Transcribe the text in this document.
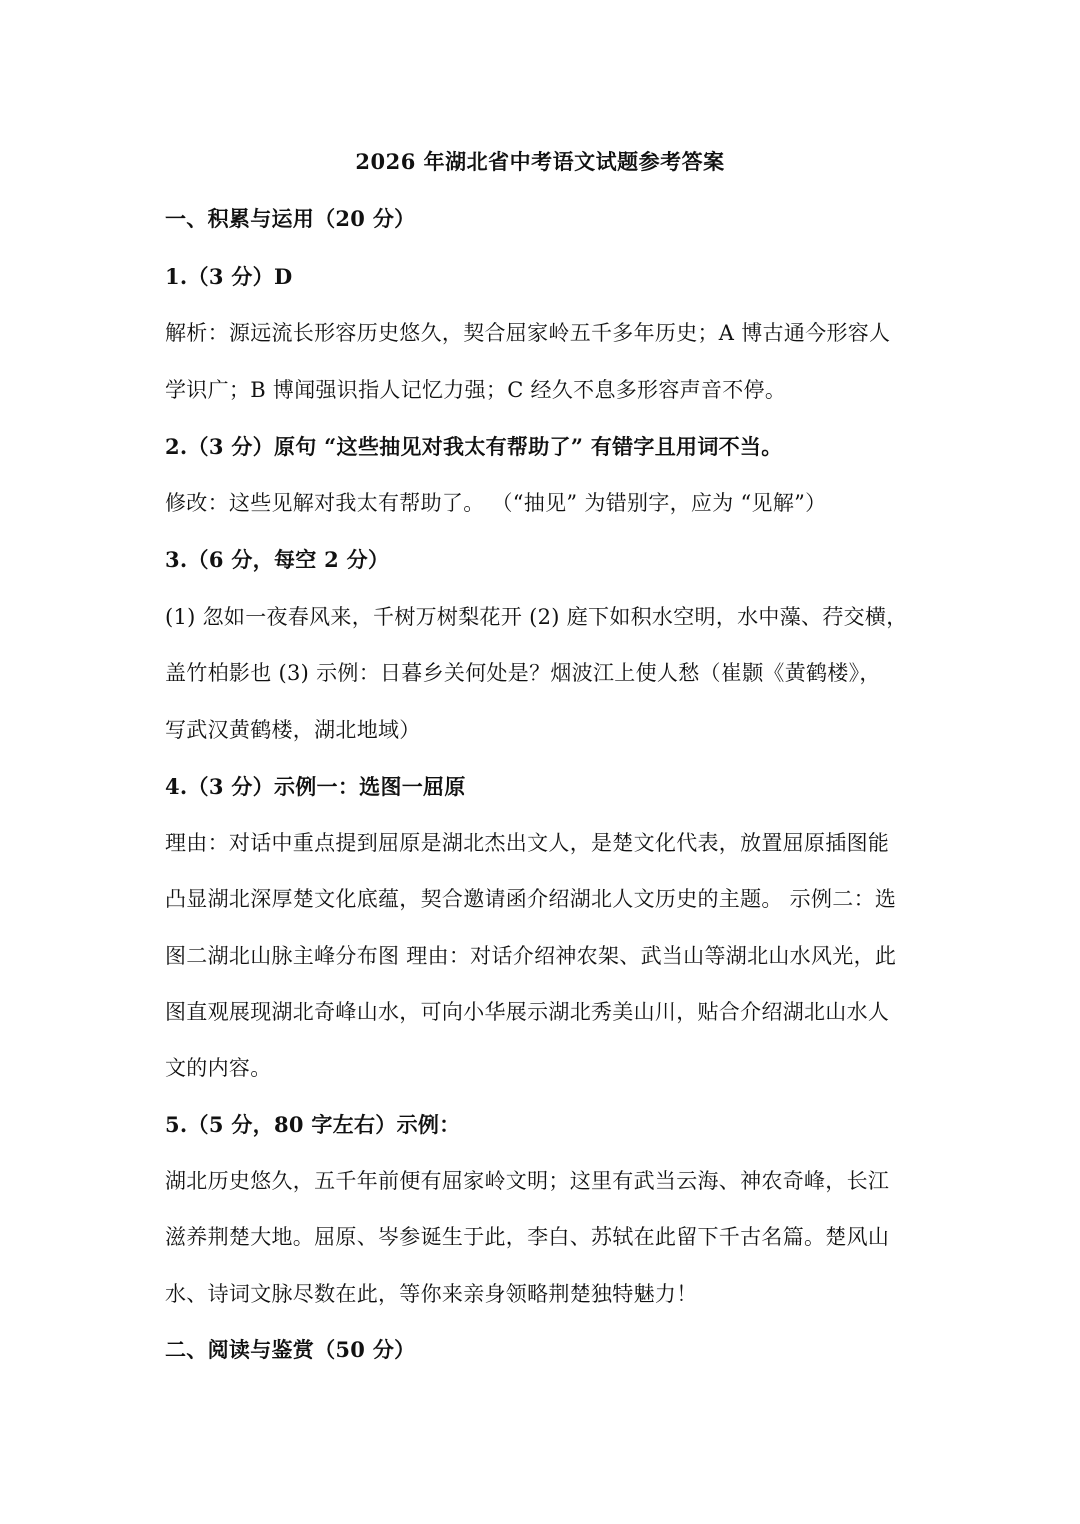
2026 年湖北省中考语文试题参考答案
一、积累与运用（20 分）
1.（3 分）D
解析：源远流长形容历史悠久，契合屈家岭五千多年历史；A 博古通今形容人
学识广；B 博闻强识指人记忆力强；C 经久不息多形容声音不停。
2.（3 分）原句 “这些抽见对我太有帮助了” 有错字且用词不当。
修改：这些见解对我太有帮助了。 （“抽见” 为错别字，应为 “见解”）
3.（6 分，每空 2 分）
(1) 忽如一夜春风来，千树万树梨花开 (2) 庭下如积水空明，水中藻、荇交横，
盖竹柏影也 (3) 示例：日暮乡关何处是？烟波江上使人愁（崔颢《黄鹤楼》，
写武汉黄鹤楼，湖北地域）
4.（3 分）示例一：选图一屈原
理由：对话中重点提到屈原是湖北杰出文人，是楚文化代表，放置屈原插图能
凸显湖北深厚楚文化底蕴，契合邀请函介绍湖北人文历史的主题。 示例二：选
图二湖北山脉主峰分布图 理由：对话介绍神农架、武当山等湖北山水风光，此
图直观展现湖北奇峰山水，可向小华展示湖北秀美山川，贴合介绍湖北山水人
文的内容。
5.（5 分，80 字左右）示例：
湖北历史悠久，五千年前便有屈家岭文明；这里有武当云海、神农奇峰，长江
滋养荆楚大地。屈原、岑参诞生于此，李白、苏轼在此留下千古名篇。楚风山
水、诗词文脉尽数在此，等你来亲身领略荆楚独特魅力！
二、阅读与鉴赏（50 分）
